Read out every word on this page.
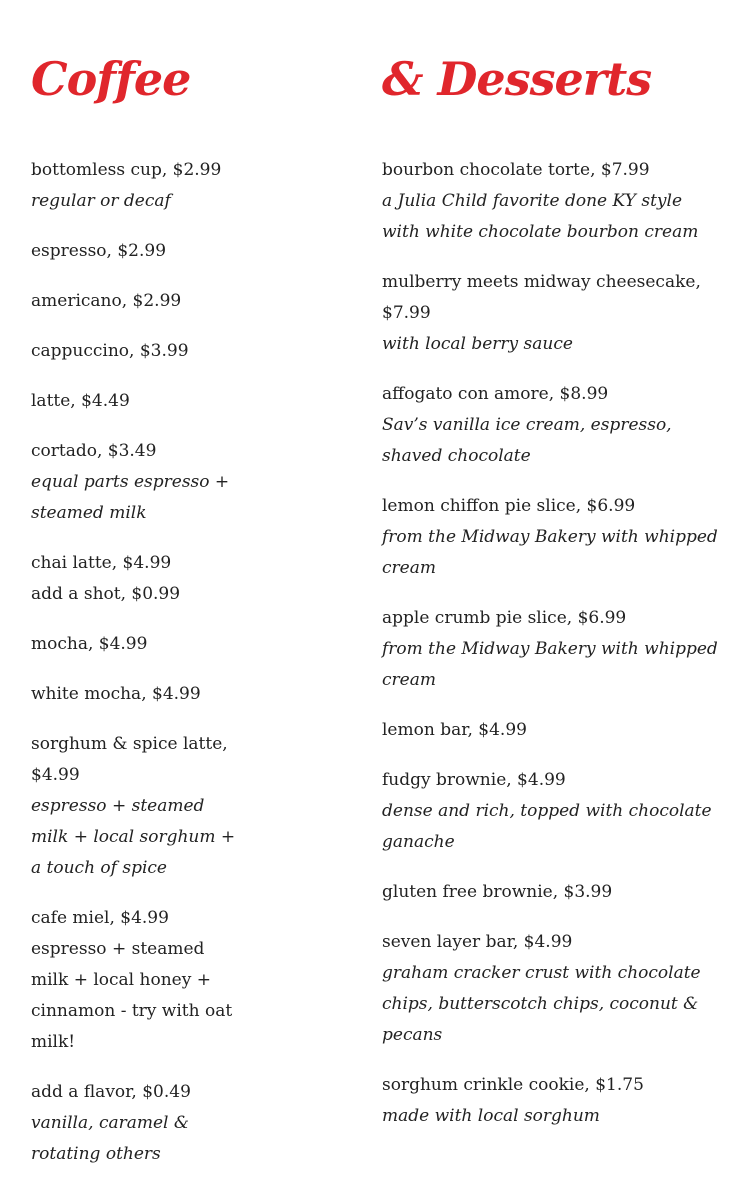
Coffee
bottomless cup, $2.99
regular or decaf
espresso, $2.99
americano, $2.99
cappuccino, $3.99
latte, $4.49
cortado, $3.49
equal parts espresso + steamed milk
chai latte, $4.99
add a shot, $0.99
mocha, $4.99
white mocha, $4.99
sorghum & spice latte, $4.99
espresso + steamed milk + local sorghum + a touch of spice
cafe miel, $4.99
espresso + steamed milk + local honey + cinnamon - try with oat milk!
add a flavor, $0.49
vanilla, caramel & rotating others
& Desserts
bourbon chocolate torte, $7.99
a Julia Child favorite done KY style with white chocolate bourbon cream
mulberry meets midway cheesecake, $7.99
with local berry sauce
affogato con amore, $8.99
Sav’s vanilla ice cream, espresso, shaved chocolate
lemon chiffon pie slice, $6.99
from the Midway Bakery with whipped cream
apple crumb pie slice, $6.99
from the Midway Bakery with whipped cream
lemon bar, $4.99
fudgy brownie, $4.99
dense and rich, topped with chocolate ganache
gluten free brownie, $3.99
seven layer bar, $4.99
graham cracker crust with chocolate chips, butterscotch chips, coconut & pecans
sorghum crinkle cookie, $1.75
made with local sorghum
